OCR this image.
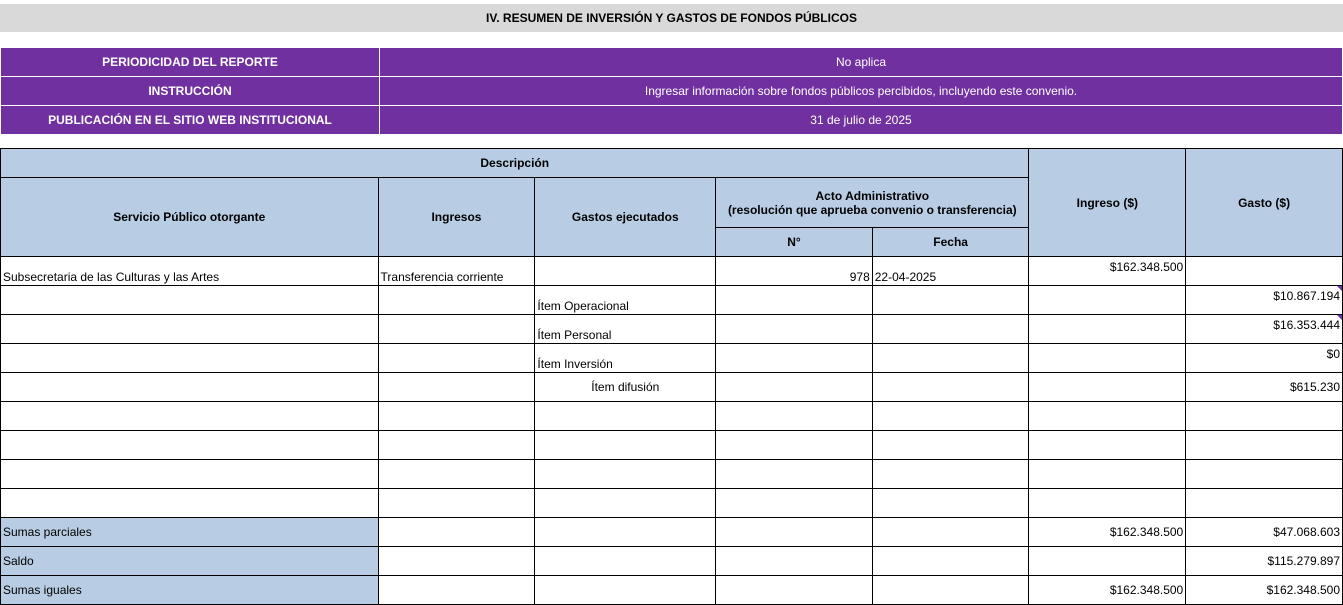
IV. RESUMEN DE INVERSIÓN Y GASTOS DE FONDOS PÚBLICOS
PERIODICIDAD DEL REPORTE	No aplica
INSTRUCCIÓN	Ingresar información sobre fondos públicos percibidos, incluyendo este convenio.
PUBLICACIÓN EN EL SITIO WEB INSTITUCIONAL	31 de julio de 2025
Descripción					Ingreso ($)	Gasto ($)
Servicio Público otorgante	Ingresos	Gastos ejecutados	Acto Administrativo
(resolución que aprueba convenio o transferencia)			

			N°	Fecha		
Subsecretaria de las Culturas y las Artes	Transferencia corriente		978	22-04-2025	$162.348.500	
		Ítem Operacional				$10.867.194
		Ítem Personal				$16.353.444
		Ítem Inversión				$0
		Ítem difusión				$615.230

Sumas parciales					$162.348.500	$47.068.603
Saldo						$115.279.897
Sumas iguales					$162.348.500	$162.348.500
